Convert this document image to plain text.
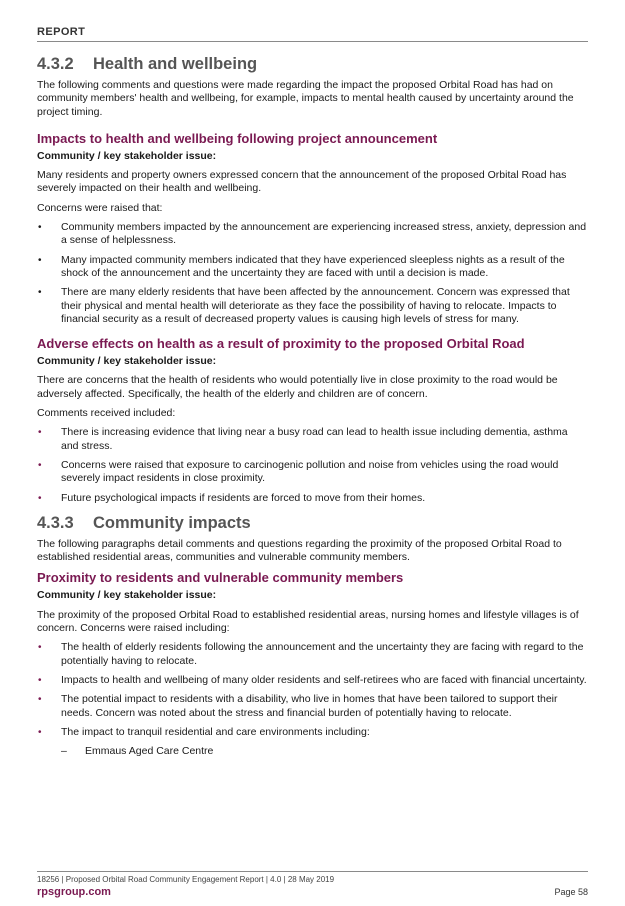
REPORT
4.3.2	Health and wellbeing

The following comments and questions were made regarding the impact the proposed Orbital Road has had on community members' health and wellbeing, for example, impacts to mental health caused by uncertainty around the project timing.

Impacts to health and wellbeing following project announcement

Community / key stakeholder issue:

Many residents and property owners expressed concern that the announcement of the proposed Orbital Road has severely impacted on their health and wellbeing.

Concerns were raised that:

• Community members impacted by the announcement are experiencing increased stress, anxiety, depression and a sense of helplessness.
• Many impacted community members indicated that they have experienced sleepless nights as a result of the shock of the announcement and the uncertainty they are faced with until a decision is made.
• There are many elderly residents that have been affected by the announcement. Concern was expressed that their physical and mental health will deteriorate as they face the possibility of having to relocate. Impacts to financial security as a result of decreased property values is causing high levels of stress for many.
Adverse effects on health as a result of proximity to the proposed Orbital Road

Community / key stakeholder issue:

There are concerns that the health of residents who would potentially live in close proximity to the road would be adversely affected. Specifically, the health of the elderly and children are of concern.

Comments received included:

• There is increasing evidence that living near a busy road can lead to health issue including dementia, asthma and stress.
• Concerns were raised that exposure to carcinogenic pollution and noise from vehicles using the road would severely impact residents in close proximity.
• Future psychological impacts if residents are forced to move from their homes.
4.3.3	Community impacts

The following paragraphs detail comments and questions regarding the proximity of the proposed Orbital Road to established residential areas, communities and vulnerable community members.

Proximity to residents and vulnerable community members

Community / key stakeholder issue:

The proximity of the proposed Orbital Road to established residential areas, nursing homes and lifestyle villages is of concern. Concerns were raised including:

• The health of elderly residents following the announcement and the uncertainty they are facing with regard to the potentially having to relocate.
• Impacts to health and wellbeing of many older residents and self-retirees who are faced with financial uncertainty.
• The potential impact to residents with a disability, who live in homes that have been tailored to support their needs. Concern was noted about the stress and financial burden of potentially having to relocate.
• The impact to tranquil residential and care environments including:
– Emmaus Aged Care Centre
18256 | Proposed Orbital Road Community Engagement Report | 4.0 | 28 May 2019
rpsgroup.com	Page 58
